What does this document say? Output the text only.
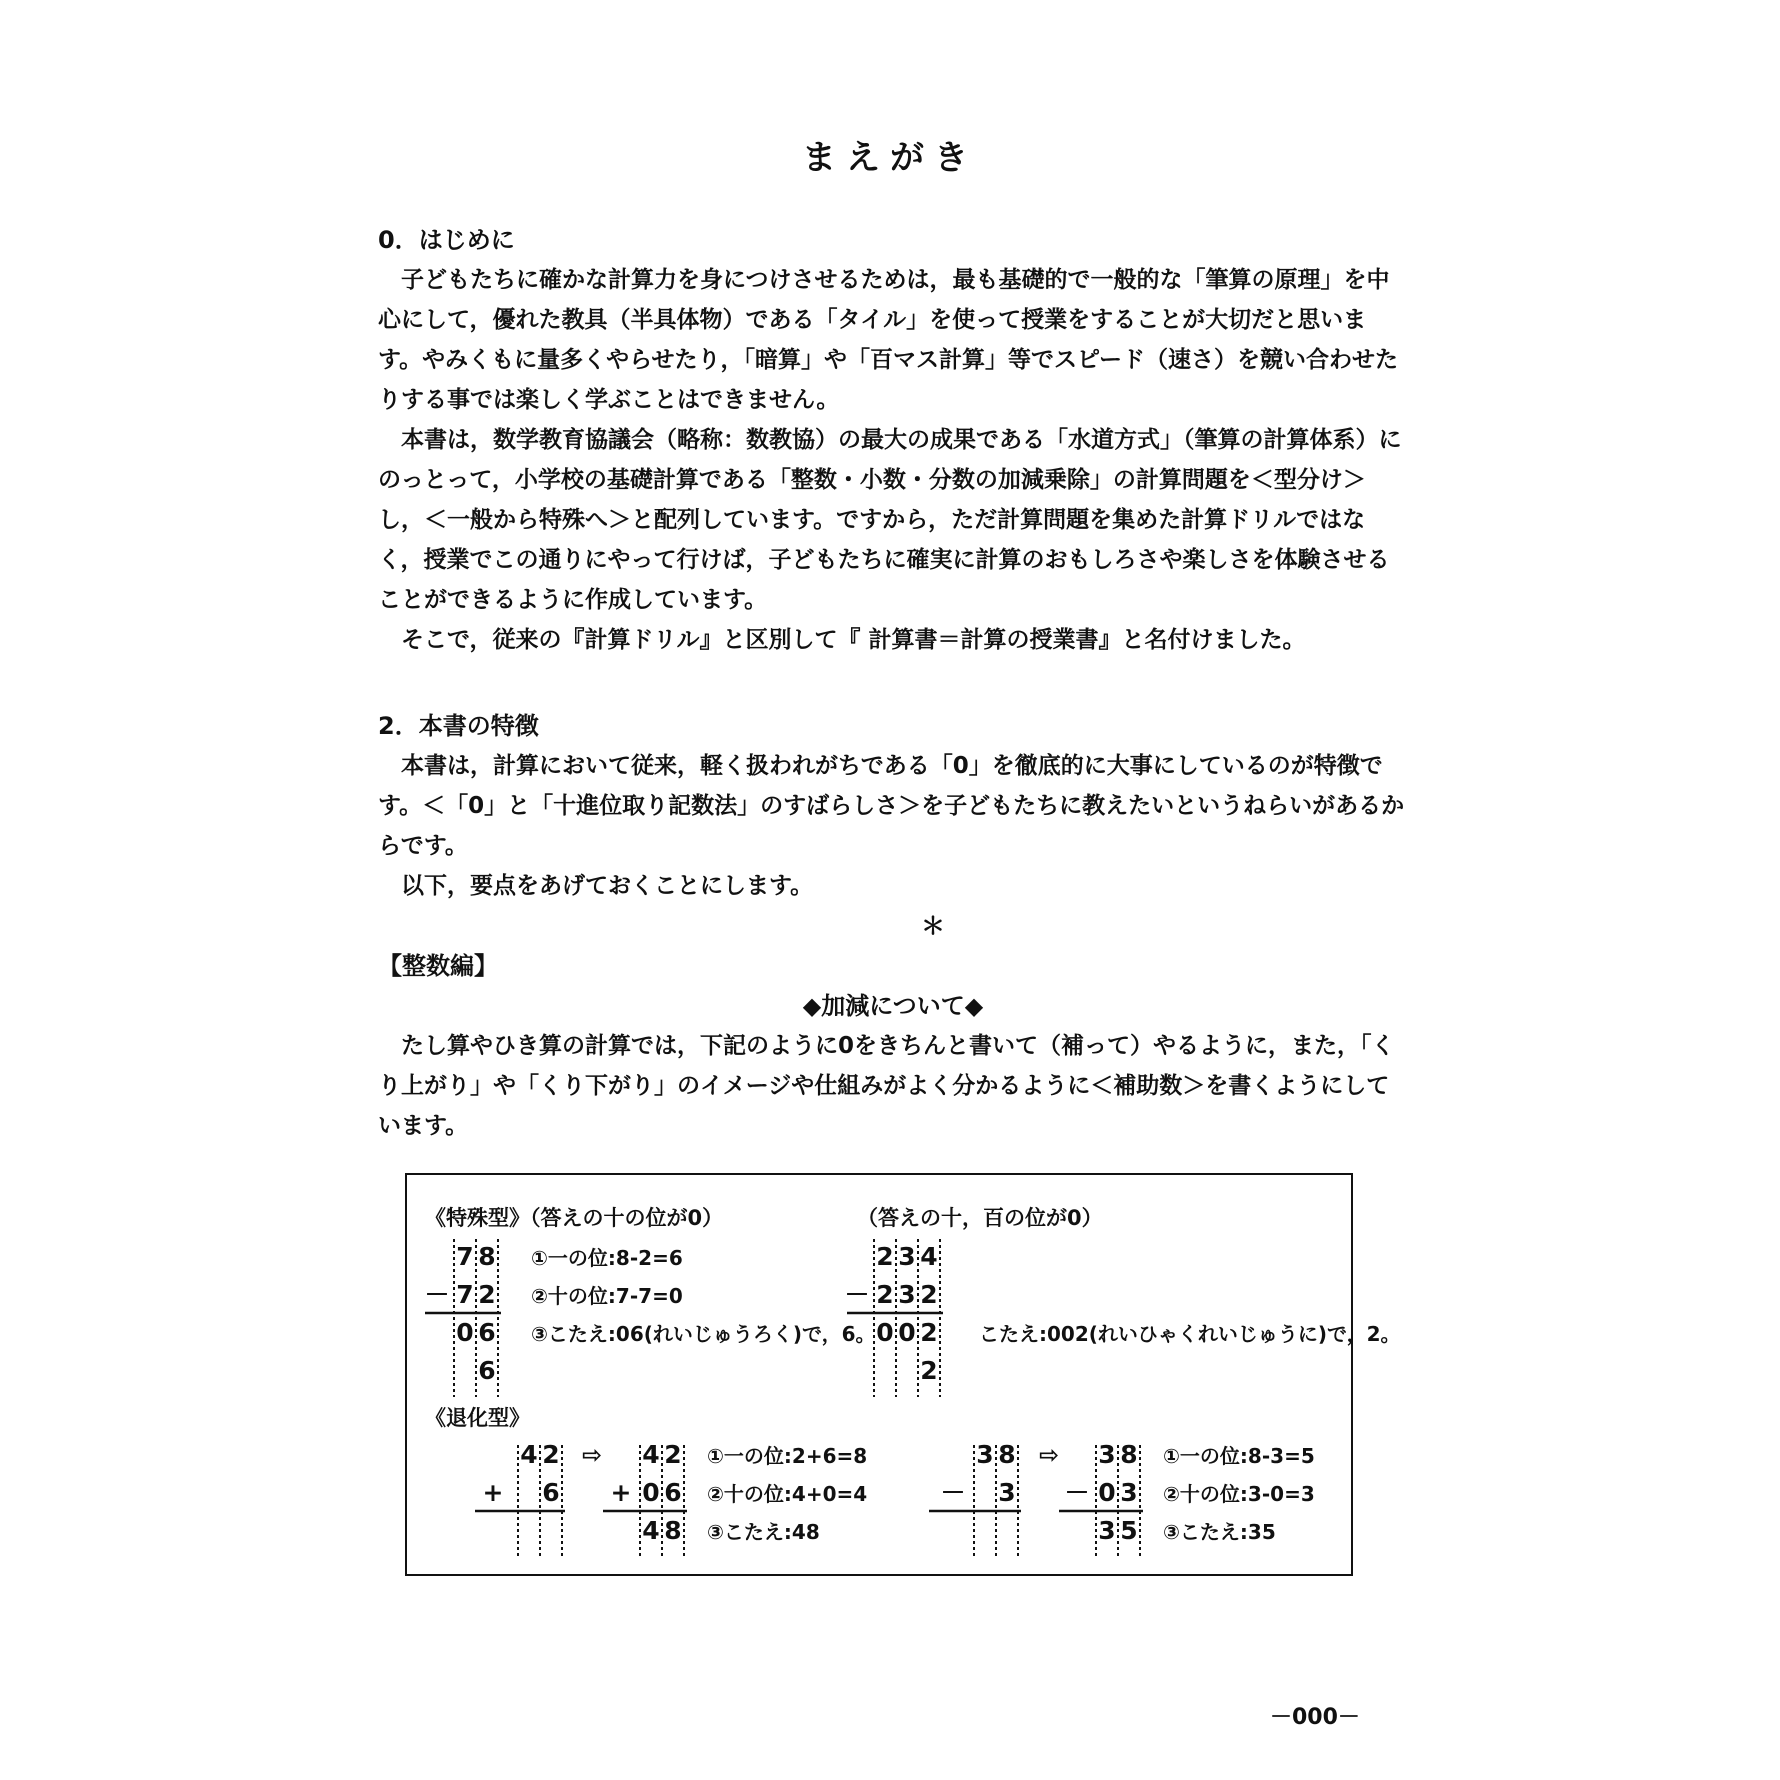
まえがき

0．はじめに

子どもたちに確かな計算力を身につけさせるためは，最も基礎的で一般的な「筆算の原理」を中心にして，優れた教具（半具体物）である「タイル」を使って授業をすることが大切だと思います。やみくもに量多くやらせたり，「暗算」や「百マス計算」等でスピード（速さ）を競い合わせたりする事では楽しく学ぶことはできません。

本書は，数学教育協議会（略称：数教協）の最大の成果である「水道方式」（筆算の計算体系）にのっとって，小学校の基礎計算である「整数・小数・分数の加減乗除」の計算問題を＜型分け＞し，＜一般から特殊へ＞と配列しています。ですから，ただ計算問題を集めた計算ドリルではなく，授業でこの通りにやって行けば，子どもたちに確実に計算のおもしろさや楽しさを体験させることができるように作成しています。

そこで，従来の『計算ドリル』と区別して『 計算書＝計算の授業書』と名付けました。

2．本書の特徴

本書は，計算において従来，軽く扱われがちである「0」を徹底的に大事にしているのが特徴です。＜「0」と「十進位取り記数法」のすばらしさ＞を子どもたちに教えたいというねらいがあるからです。

以下，要点をあげておくことにします。

＊

【整数編】

◆加減について◆

たし算やひき算の計算では，下記のように0をきちんと書いて（補って）やるように，また，「くり上がり」や「くり下がり」のイメージや仕組みがよく分かるように＜補助数＞を書くようにしています。

《特殊型》（答えの十の位が0）	（答えの十，百の位が0）
7 8
7 2
0 6
6
－
①一の位:8-2=6
②十の位:7-7=0
③こたえ:06(れいじゅうろく)で，6。
2 3 4
2 3 2
0 0 2
2
－
こたえ:002(れいひゃくれいじゅうに)で，2。
《退化型》
4 2
6
+
⇨ 4 2
0 6
4 8
+
①一の位:2+6=8
②十の位:4+0=4
③こたえ:48
3 8
3
－
⇨ 3 8
0 3
3 5
－
①一の位:8-3=5
②十の位:3-0=3
③こたえ:35
－000－
